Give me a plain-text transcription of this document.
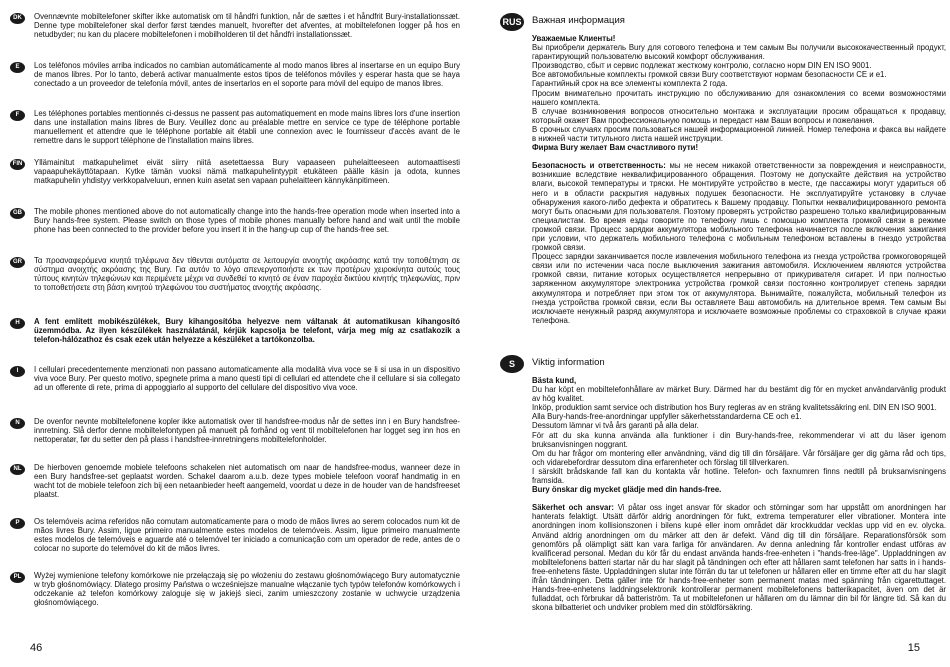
DK	Ovennævnte mobiltelefoner skifter ikke automatisk om til håndfri funktion, når de sættes i et håndfrit Bury-installationssæt. Denne type mobiltelefoner skal derfor først tændes manuelt, hvorefter det afventes, at mobiltelefonen logger på hos en netudbyder; nu kan du placere mobiltelefonen i mobilholderen til det håndfri installationssæt.

E	Los teléfonos móviles arriba indicados no cambian automáticamente al modo manos libres al insertarse en un equipo Bury de manos libres. Por lo tanto, deberá activar manualmente estos tipos de teléfonos móviles y esperar hasta que se haya conectado a un proveedor de telefonía móvil, antes de insertarlos en el soporte para móvil del equipo de manos libres.

F	Les téléphones portables mentionnés ci-dessus ne passent pas automatiquement en mode mains libres lors d'une insertion dans une installation mains libres de Bury. Veuillez donc au préalable mettre en service ce type de téléphone portable manuellement et attendre que le téléphone portable ait établi une connexion avec le fournisseur d'accès avant de le remettre dans le support téléphone de l'installation mains libres.

FIN	Yllämainitut matkapuhelimet eivät siirry niitä asetettaessa Bury vapaaseen puhelaitteeseen automaattisesti vapaapuhekäyttötapaan. Kytke tämän vuoksi nämä matkapuhelintyypit etukäteen päälle käsin ja odota, kunnes matkapuhelin yhdistyy verkkopalveluun, ennen kuin asetat sen vapaan puhelaitteen kännykänpitimeen.

GB	The mobile phones mentioned above do not automatically change into the hands-free operation mode when inserted into a Bury hands-free system. Please switch on those types of mobile phones manually before hand and wait until the mobile phone has been connected to the provider before you insert it in the hang-up cup of the hands-free set.

GR	Τα προαναφερόμενα κινητά τηλέφωνα δεν τίθενται αυτόματα σε λειτουργία ανοιχτής ακρόασης κατά την τοποθέτηση σε σύστημα ανοιχτής ακρόασης της Bury. Για αυτόν το λόγο απενεργοποιήστε εκ των προτέρων χειροκίνητα αυτούς τους τύπους κινητών τηλεφώνων και περιμένετε μέχρι να συνδεθεί το κινητό σε έναν παροχέα δικτύου κινητής τηλεφωνίας, πριν το τοποθετήσετε στη βάση κινητού τηλεφώνου του συστήματος ανοιχτής ακρόασης.

H	A fent említett mobikészülékek, Bury kihangosítóba helyezve nem váltanak át automatikusan kihangosító üzemmódba. Az ilyen készülékek használatánál, kérjük kapcsolja be telefont, várja meg míg az csatlakozik a telefon-hálózathoz és csak ezek után helyezze a készüléket a tartókonzolba.

I	I cellulari precedentemente menzionati non passano automaticamente alla modalità viva voce se li si usa in un dispositivo viva voce Bury. Per questo motivo, spegnete prima a mano questi tipi di cellulari ed attendete che il cellulare si sia collegato ad un offerente di rete, prima di appoggiarlo al supporto del cellulare del dispositivo viva voce.

N	De ovenfor nevnte mobiltelefonene kopler ikke automatisk over til handsfree-modus når de settes inn i en Bury handsfree-innretning. Slå derfor denne mobiltelefontypen på manuelt på forhånd og vent til mobiltelefonen har logget seg inn hos en nettoperatør, før du setter den på plass i handsfree-innretningens mobiltelefonholder.

NL	De hierboven genoemde mobiele telefoons schakelen niet automatisch om naar de handsfree-modus, wanneer deze in een Bury handsfree-set geplaatst worden. Schakel daarom a.u.b. deze types mobiele telefoon vooraf handmatig in en wacht tot de mobiele telefoon zich bij een netaanbieder heeft aangemeld, voordat u deze in de houder van de handsfreeset plaatst.

P	Os telemóveis acima referidos não comutam automaticamente para o modo de mãos livres ao serem colocados num kit de mãos livres Bury. Assim, ligue primeiro manualmente estes modelos de telemóveis. Assim, ligue primeiro manualmente estes modelos de telemóveis e aguarde até o telemóvel ter iniciado a comunicação com um operador de rede, antes de o colocar no suporte do telemóvel do kit de mãos livres.

PL	Wyżej wymienione telefony komórkowe nie przełączają się po włożeniu do zestawu głośnomówiącego Bury automatycznie w tryb głośnomówiący. Dlatego prosimy Państwa o wcześniejsze manualne włączanie tych typów telefonów komórkowych i odczekanie aż telefon komórkowy zaloguje się w jakiejś sieci, zanim umieszczony zostanie w uchwycie urządzenia głośnomówiącego.

46
RUS Важная информация

Уважаемые Клиенты!

Вы приобрели держатель Bury для сотового телефона и тем самым Вы получили высококачественный продукт, гарантирующий пользователю высокий комфорт обслуживания.

Производство, сбыт и сервис подлежат жесткому контролю, согласно норм DIN EN ISO 9001.

Все автомобильные комплекты громкой связи Bury соответствуют нормам безопасности CE и e1.

Гарантийный срок на все элементы комплекта 2 года.

Просим внимательно прочитать инструкцию по обслуживанию для ознакомления со всеми возможностями нашего комплекта.

В случае возникновения вопросов относительно монтажа и эксплуатации просим обращаться к продавцу, который окажет Вам профессиональную помощь и передаст нам Ваши вопросы и пожелания.

В срочных случаях просим пользоваться нашей информационной линией. Номер телефона и факса вы найдете в нижней части титульного листа нашей инструкции.

Фирма Bury желает Вам счастливого пути!

Безопасность и ответственность: мы не несем никакой ответственности за повреждения и неисправности, возникшие вследствие неквалифицированного обращения. Поэтому не допускайте действия на устройство влаги, высокой температуры и тряски. Не монтируйте устройство в месте, где пассажиры могут удариться об него и в области раскрытия надувных подушек безопасности. Не эксплуатируйте установку в случае обнаружения какого-либо дефекта и обратитесь к Вашему продавцу. Попытки неквалифицированного ремонта могут быть опасными для пользователя. Поэтому проверять устройство разрешено только квалифицированным специалистам. Во время езды говорите по телефону лишь с помощью комплекта громкой связи в режиме громкой связи. Процесс зарядки аккумулятора мобильного телефона начинается после включения зажигания при условии, что держатель мобильного телефона с мобильным телефоном вставлены в гнездо устройства громкой связи.

Процесс зарядки заканчивается после извлечения мобильного телефона из гнезда устройства громкоговорящей связи или по истечении часа после выключения зажигания автомобиля. Исключением являются устройства громкой связи, питание которых осуществляется непрерывно от прикуривателя сигарет. И при полностью заряженном аккумуляторе электроника устройства громкой связи постоянно контролирует степень зарядки аккумулятора и потребляет при этом ток от аккумулятора. Вынимайте, пожалуйста, мобильный телефон из гнезда устройства громкой связи, если Вы оставляете Ваш автомобиль на длительное время. Тем самым Вы исключаете ненужный разряд аккумулятора и исключаете возможные проблемы со страховкой в случае кражи телефона.

S	Viktig information

Bästa kund,

Du har köpt en mobiltelefonhållare av märket Bury. Därmed har du bestämt dig för en mycket användarvänlig produkt av hög kvalitet.

Inköp, produktion samt service och distribution hos Bury regleras av en sträng kvalitetssäkring enl. DIN EN ISO 9001.

Alla Bury-hands-free-anordningar uppfyller säkerhetsstandarderna CE och e1.

Dessutom lämnar vi två års garanti på alla delar.

För att du ska kunna använda alla funktioner i din Bury-hands-free, rekommenderar vi att du läser igenom bruksanvisningen noggrant.

Om du har frågor om montering eller användning, vänd dig till din försäljare. Vår försäljare ger dig gärna råd och tips, och vidarebefordrar dessutom dina erfarenheter och förslag till tillverkaren.

I särskilt brådskande fall kan du kontakta vår hotline. Telefon- och faxnumren finns nedtill på bruksanvisningens framsida.

Bury önskar dig mycket glädje med din hands-free.

Säkerhet och ansvar: Vi påtar oss inget ansvar för skador och störningar som har uppstått om anordningen har hanterats felaktigt. Utsätt därför aldrig anordningen för fukt, extrema temperaturer eller vibrationer. Montera inte anordningen inom kollisionszonen i bilens kupé eller inom området där krockkuddar vecklas upp vid en ev. olycka. Använd aldrig anordningen om du märker att den är defekt. Vänd dig till din försäljare. Reparationsförsök som genomförs på olämpligt sätt kan vara farliga för användaren. Av denna anledning får kontroller endast utföras av kvalificerad personal. Medan du kör får du endast använda hands-free-enheten i "hands-free-läge". Uppladdningen av mobiltelefonens batteri startar när du har slagit på tändningen och efter att hållaren samt telefonen har satts in i hands-free-enhetens fäste. Uppladdningen slutar inte förrän du tar ut telefonen ur hållaren eller en timme efter att du har slagit ifrån tändningen. Detta gäller inte för hands-free-enheter som permanent matas med spänning från cigarettuttaget. Hands-free-enhetens laddningselektronik kontrollerar permanent mobiltelefonens batterikapacitet, även om det är fulladdat, och förbrukar då batteriström. Ta ut mobiltelefonen ur hållaren om du lämnar din bil för längre tid. Så kan du skona bilbatteriet och undviker problem med din stöldförsäkring.

15
